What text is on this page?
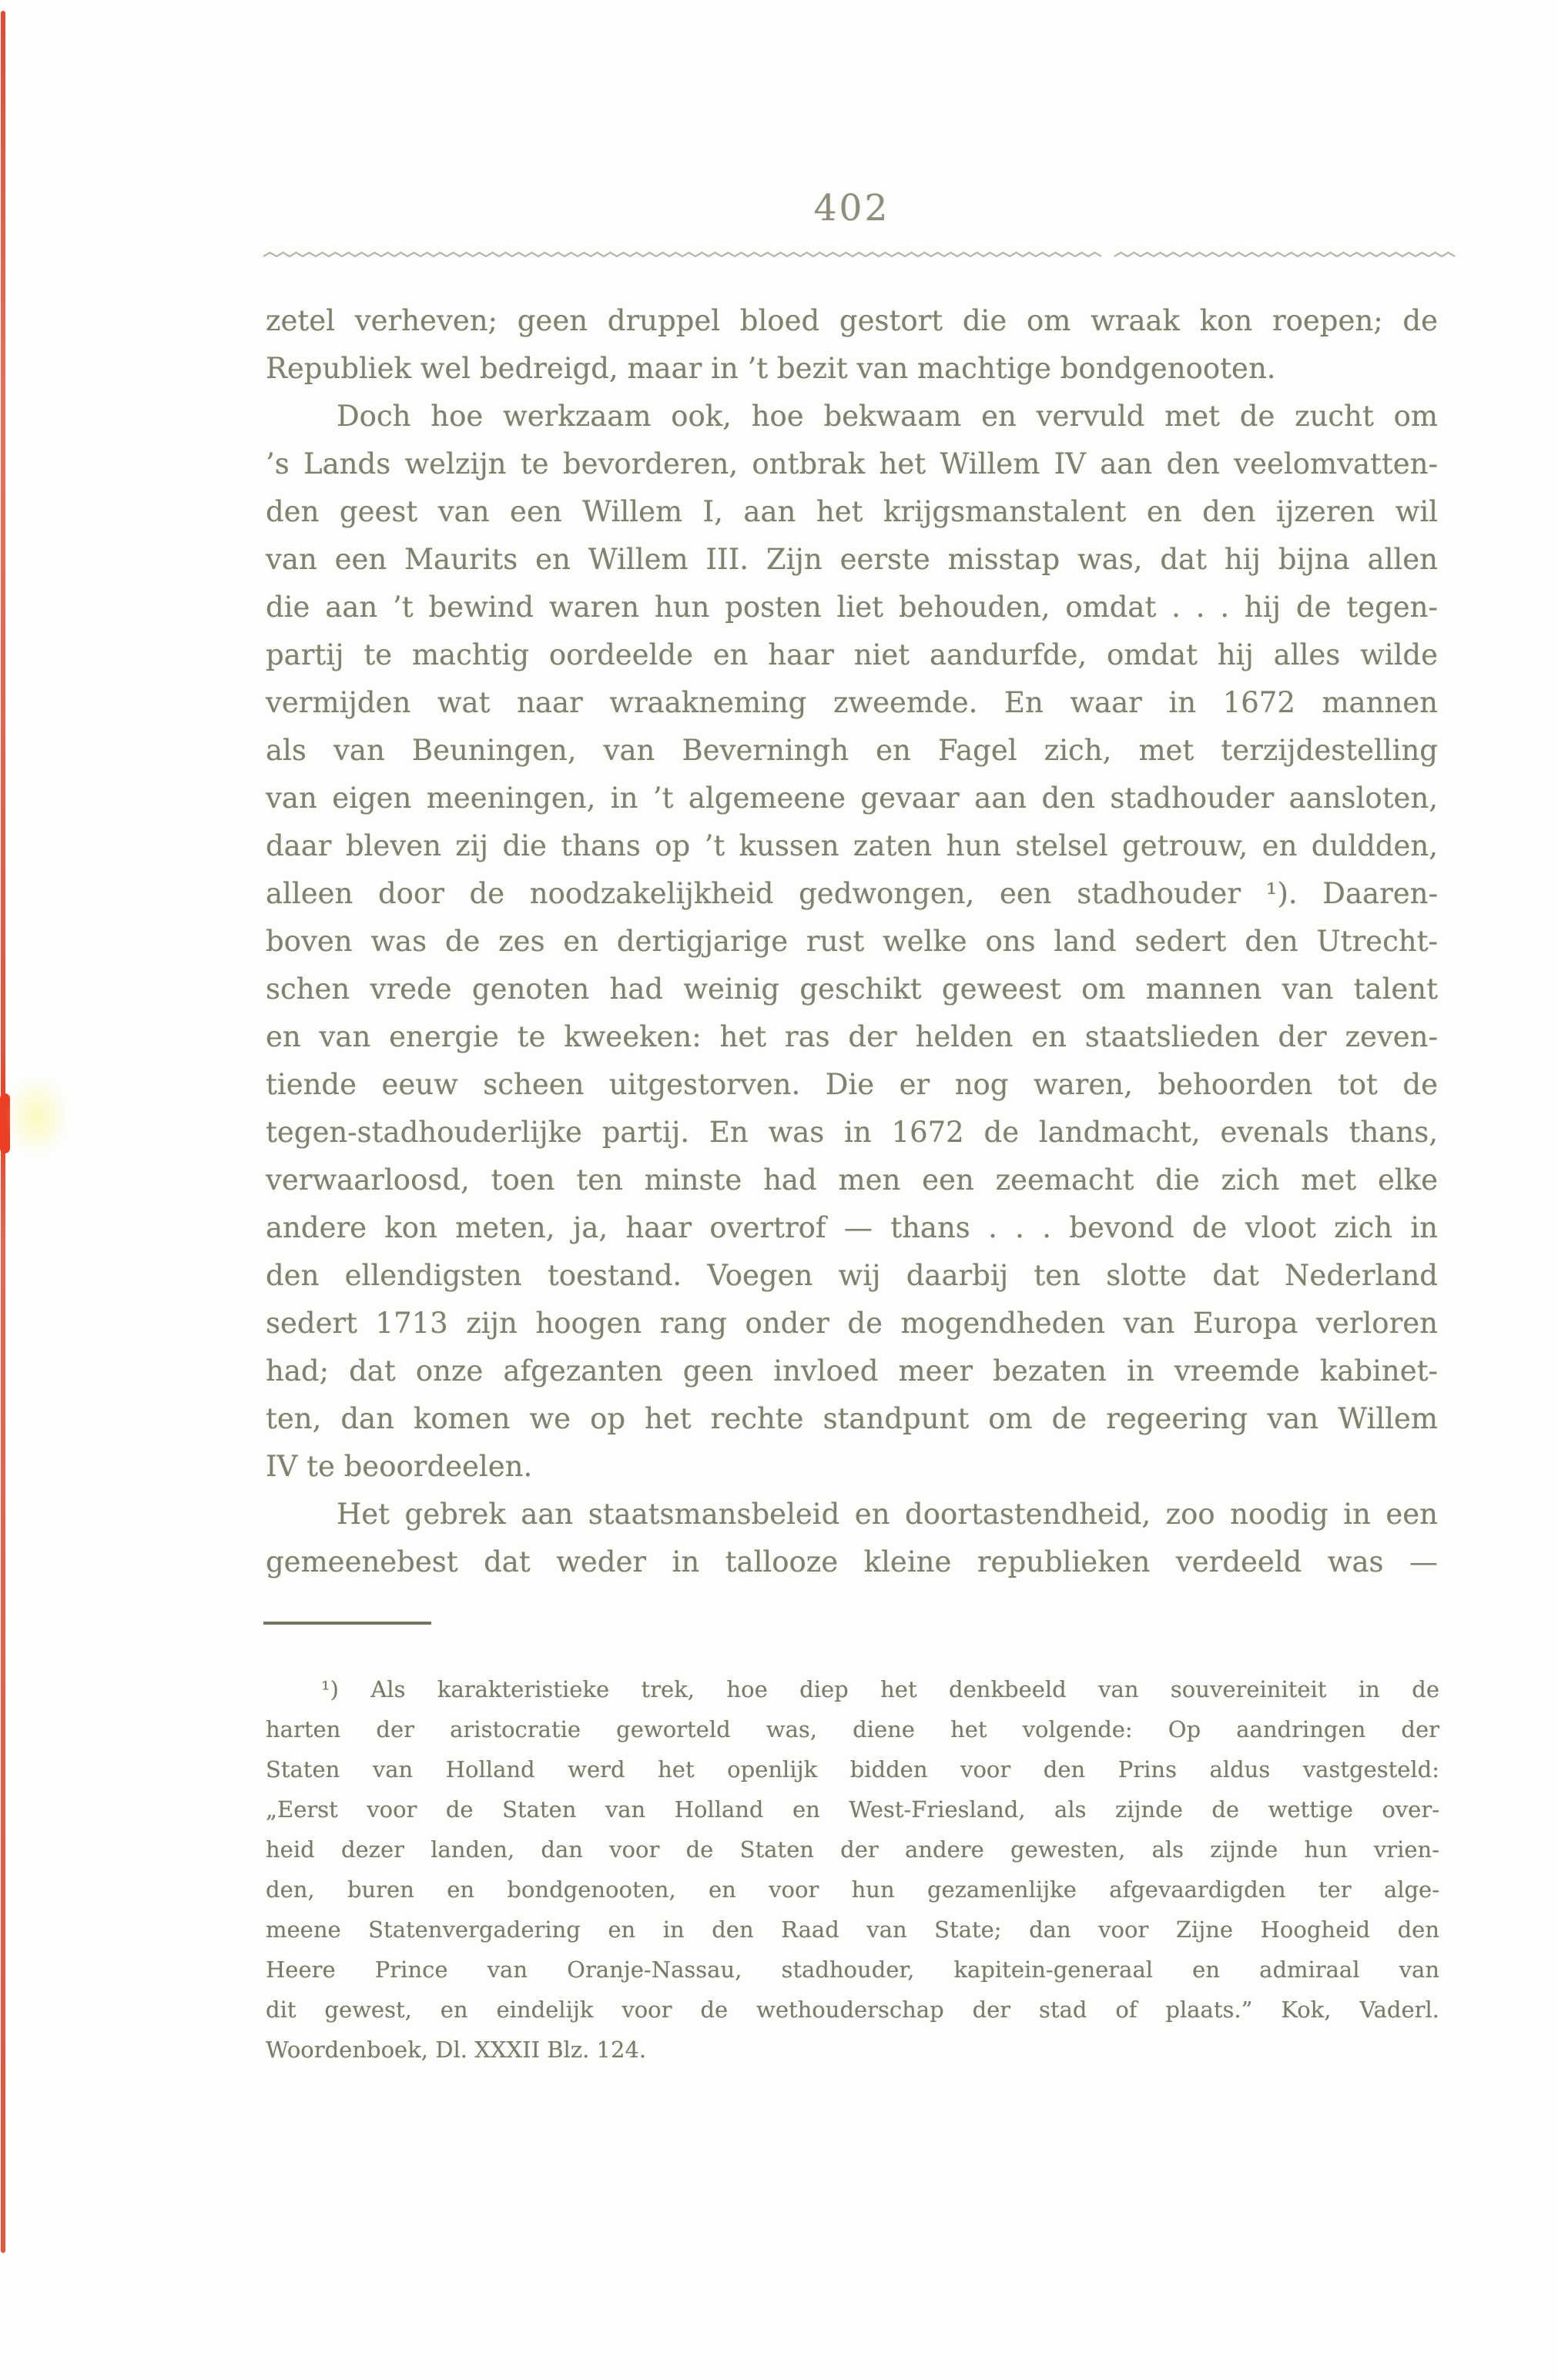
402
zetel verheven; geen druppel bloed gestort die om wraak kon roepen; de
Republiek wel bedreigd, maar in ’t bezit van machtige bondgenooten.
Doch hoe werkzaam ook, hoe bekwaam en vervuld met de zucht om
’s Lands welzijn te bevorderen, ontbrak het Willem IV aan den veelomvatten-
den geest van een Willem I, aan het krijgsmanstalent en den ijzeren wil
van een Maurits en Willem III. Zijn eerste misstap was, dat hij bijna allen
die aan ’t bewind waren hun posten liet behouden, omdat . . . hij de tegen-
partij te machtig oordeelde en haar niet aandurfde, omdat hij alles wilde
vermijden wat naar wraakneming zweemde. En waar in 1672 mannen
als van Beuningen, van Beverningh en Fagel zich, met terzijdestelling
van eigen meeningen, in ’t algemeene gevaar aan den stadhouder aansloten,
daar bleven zij die thans op ’t kussen zaten hun stelsel getrouw, en duldden,
alleen door de noodzakelijkheid gedwongen, een stadhouder ¹). Daaren-
boven was de zes en dertigjarige rust welke ons land sedert den Utrecht-
schen vrede genoten had weinig geschikt geweest om mannen van talent
en van energie te kweeken: het ras der helden en staatslieden der zeven-
tiende eeuw scheen uitgestorven. Die er nog waren, behoorden tot de
tegen-stadhouderlijke partij. En was in 1672 de landmacht, evenals thans,
verwaarloosd, toen ten minste had men een zeemacht die zich met elke
andere kon meten, ja, haar overtrof — thans . . . bevond de vloot zich in
den ellendigsten toestand. Voegen wij daarbij ten slotte dat Nederland
sedert 1713 zijn hoogen rang onder de mogendheden van Europa verloren
had; dat onze afgezanten geen invloed meer bezaten in vreemde kabinet-
ten, dan komen we op het rechte standpunt om de regeering van Willem
IV te beoordeelen.
Het gebrek aan staatsmansbeleid en doortastendheid, zoo noodig in een
gemeenebest dat weder in tallooze kleine republieken verdeeld was —
¹) Als karakteristieke trek, hoe diep het denkbeeld van souvereiniteit in de
harten der aristocratie geworteld was, diene het volgende: Op aandringen der
Staten van Holland werd het openlijk bidden voor den Prins aldus vastgesteld:
„Eerst voor de Staten van Holland en West-Friesland, als zijnde de wettige over-
heid dezer landen, dan voor de Staten der andere gewesten, als zijnde hun vrien-
den, buren en bondgenooten, en voor hun gezamenlijke afgevaardigden ter alge-
meene Statenvergadering en in den Raad van State; dan voor Zijne Hoogheid den
Heere Prince van Oranje-Nassau, stadhouder, kapitein-generaal en admiraal van
dit gewest, en eindelijk voor de wethouderschap der stad of plaats.” Kok, Vaderl.
Woordenboek, Dl. XXXII Blz. 124.
